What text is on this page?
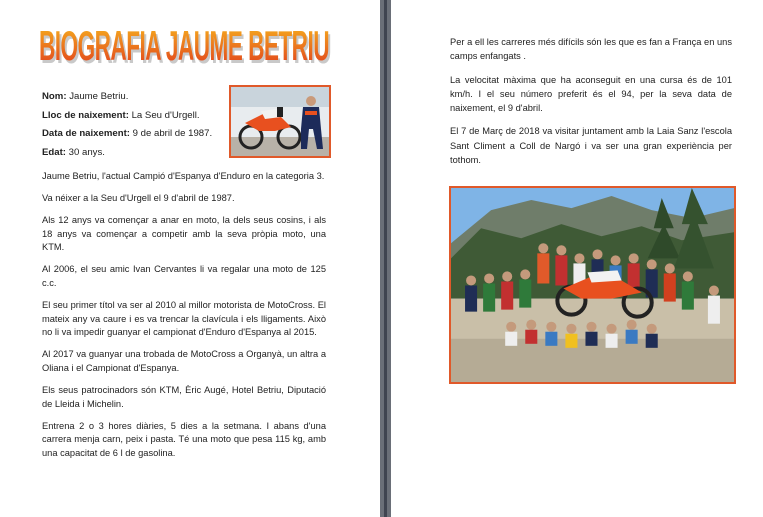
BIOGRAFIA JAUME BETRIU
BIOGRAFIA JAUME BETRIU
Nom: Jaume Betriu.
Lloc de naixement: La Seu d'Urgell.
Data de naixement: 9 de abril de 1987.
Edat: 30 anys.

Jaume Betriu, l'actual Campió d'Espanya d'Enduro en la categoria 3.

Va néixer a la Seu d'Urgell el 9 d'abril de 1987.

Als 12 anys va començar a anar en moto, la dels seus cosins, i als 18 anys va començar a competir amb la seva pròpia moto, una KTM.

Al 2006, el seu amic Ivan Cervantes li va regalar una moto de 125 c.c.

El seu primer títol va ser al 2010 al millor motorista de MotoCross. El mateix any va caure i es va trencar la clavícula i els lligaments. Això no li va impedir guanyar el campionat d'Enduro d'Espanya al 2015.

Al 2017 va guanyar una trobada de MotoCross a Organyà, un altra a Oliana i el Campionat d'Espanya.

Els seus patrocinadors són KTM, Èric Augé, Hotel Betriu, Diputació de Lleida i Michelin.

Entrena 2 o 3 hores diàries, 5 dies a la setmana. I abans d'una carrera menja carn, peix i pasta. Té una moto que pesa 115 kg, amb una capacitat de 6 l de gasolina.

Per a ell les carreres més difícils són les que es fan a França en uns camps enfangats .

La velocitat màxima que ha aconseguit en una cursa és de 101 km/h. I el seu número preferit és el 94, per la seva data de naixement, el 9 d'abril.

El 7 de Març de 2018 va visitar juntament amb la Laia Sanz l'escola Sant Climent a Coll de Nargó i va ser una gran experiència per tothom.
